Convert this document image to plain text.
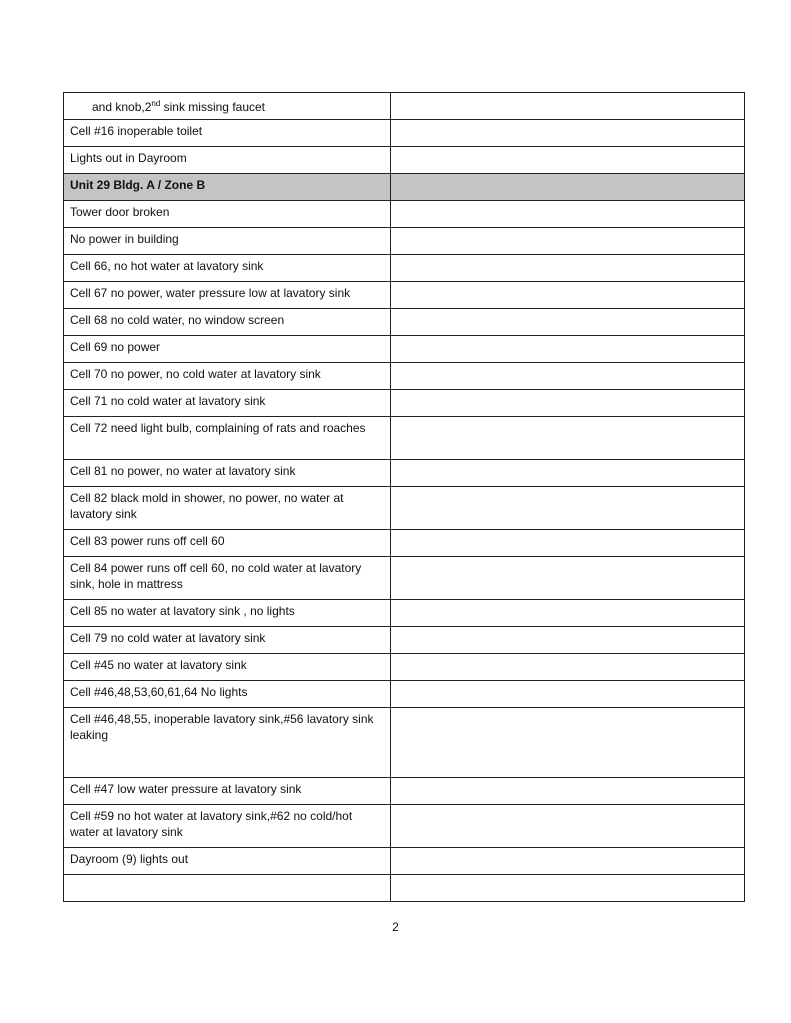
and knob,2nd sink missing faucet	
Cell #16 inoperable toilet	
Lights out in Dayroom	
Unit 29 Bldg. A / Zone B	
Tower door broken	
No power in building	
Cell 66, no hot water at lavatory sink	
Cell 67 no power, water pressure low at lavatory sink	
Cell 68 no cold water, no window screen	
Cell 69 no power	
Cell 70 no power, no cold water at lavatory sink	
Cell 71 no cold water at lavatory sink	
Cell 72 need light bulb, complaining of rats and roaches	
Cell 81 no power, no water at lavatory sink	
Cell 82 black mold in shower, no power, no water at lavatory sink	
Cell 83 power runs off cell 60	
Cell 84 power runs off cell 60, no cold water at lavatory sink, hole in mattress	
Cell 85 no water at lavatory sink , no lights	
Cell 79 no cold water at lavatory sink	
Cell #45 no water at lavatory sink	
Cell #46,48,53,60,61,64 No lights	
Cell #46,48,55, inoperable lavatory sink,#56 lavatory sink leaking	
Cell #47 low water pressure at lavatory sink	
Cell #59 no hot water at lavatory sink,#62 no cold/hot water at lavatory sink	
Dayroom (9) lights out	

2
